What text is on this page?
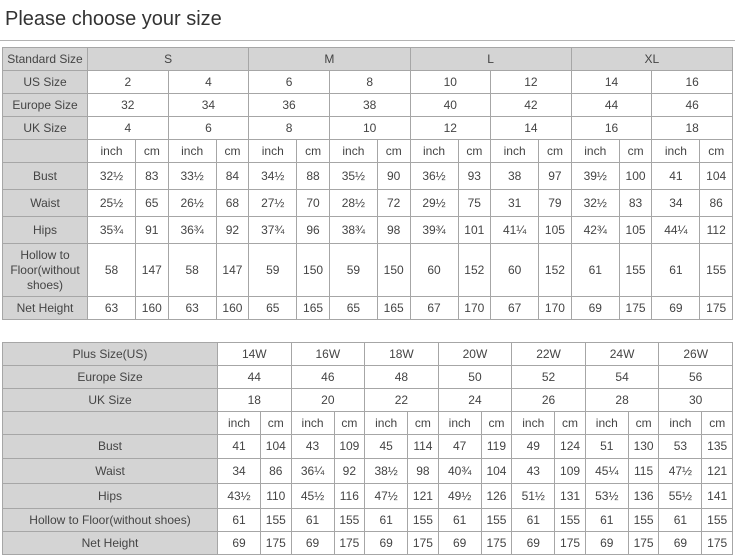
Please choose your size
Standard Size	S				M				L				XL			
US Size	2		4		6		8		10		12		14		16	
Europe Size	32		34		36		38		40		42		44		46	
UK Size	4		6		8		10		12		14		16		18	
	inch	cm	inch	cm	inch	cm	inch	cm	inch	cm	inch	cm	inch	cm	inch	cm
Bust	32½	83	33½	84	34½	88	35½	90	36½	93	38	97	39½	100	41	104
Waist	25½	65	26½	68	27½	70	28½	72	29½	75	31	79	32½	83	34	86
Hips	35¾	91	36¾	92	37¾	96	38¾	98	39¾	101	41¼	105	42¾	105	44¼	112
Hollow to Floor(without shoes)	58	147	58	147	59	150	59	150	60	152	60	152	61	155	61	155
Net Height	63	160	63	160	65	165	65	165	67	170	67	170	69	175	69	175
Plus Size(US)	14W		16W		18W		20W		22W		24W		26W	
Europe Size	44		46		48		50		52		54		56	
UK Size	18		20		22		24		26		28		30	
	inch	cm	inch	cm	inch	cm	inch	cm	inch	cm	inch	cm	inch	cm
Bust	41	104	43	109	45	114	47	119	49	124	51	130	53	135
Waist	34	86	36¼	92	38½	98	40¾	104	43	109	45¼	115	47½	121
Hips	43½	110	45½	116	47½	121	49½	126	51½	131	53½	136	55½	141
Hollow to Floor(without shoes)	61	155	61	155	61	155	61	155	61	155	61	155	61	155
Net Height	69	175	69	175	69	175	69	175	69	175	69	175	69	175
